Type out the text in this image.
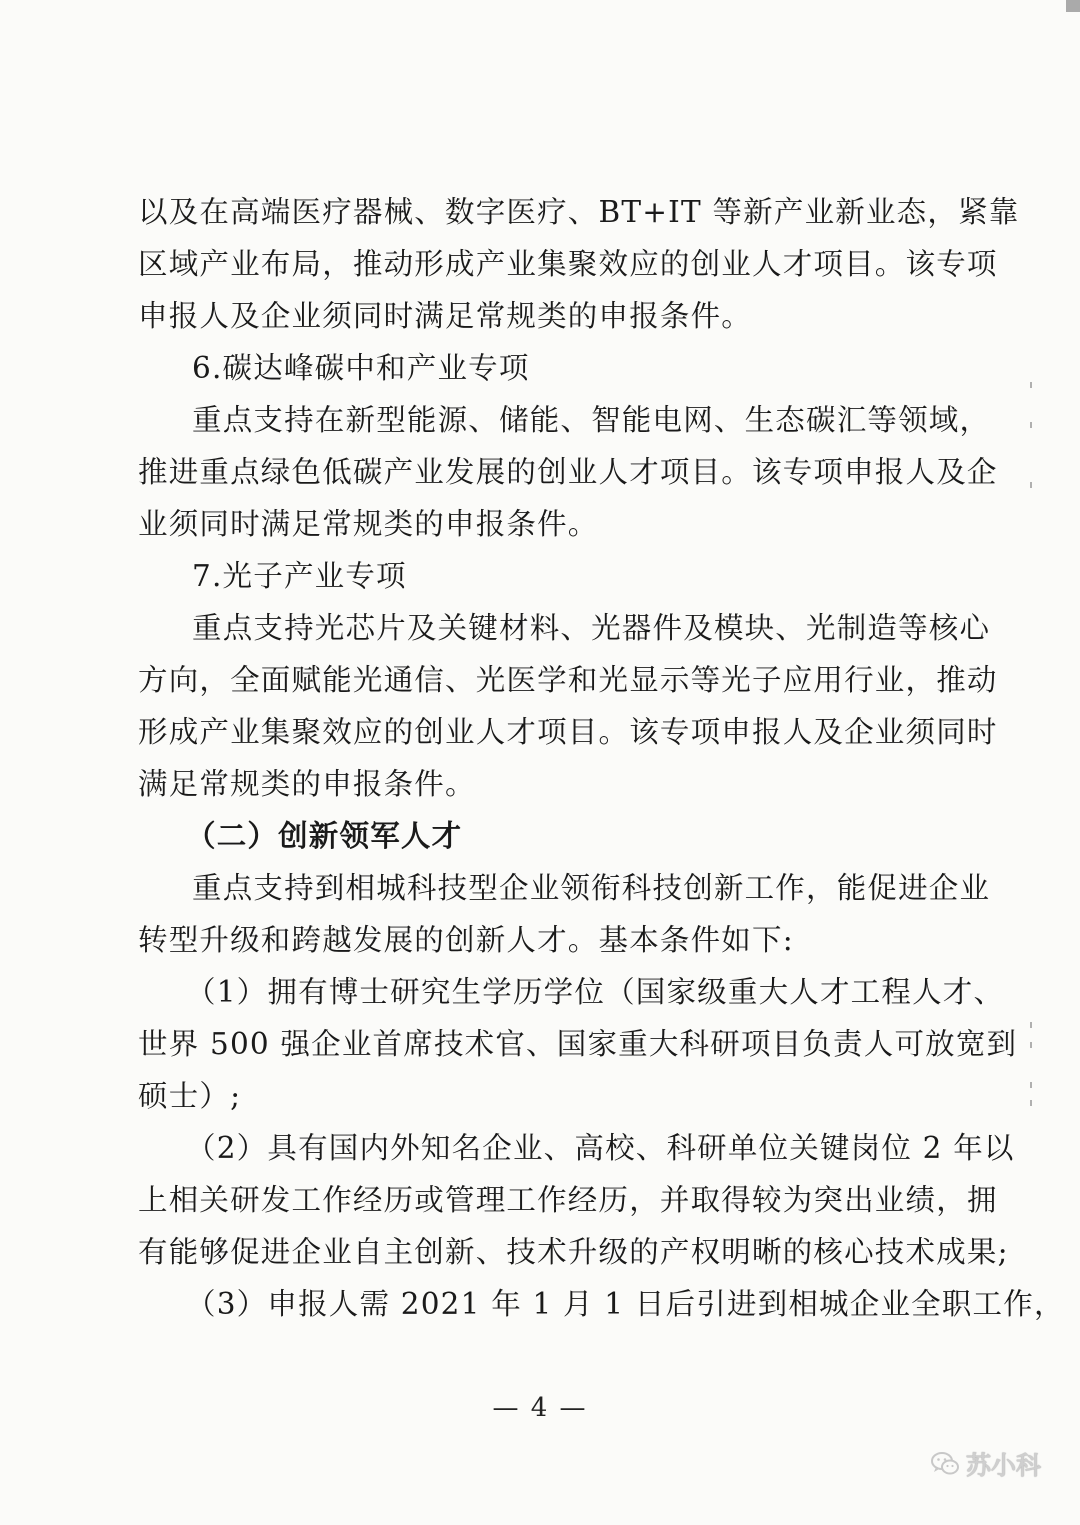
以及在高端医疗器械、数字医疗、BT+IT 等新产业新业态，紧靠
区域产业布局，推动形成产业集聚效应的创业人才项目。该专项
申报人及企业须同时满足常规类的申报条件。
6.碳达峰碳中和产业专项
重点支持在新型能源、储能、智能电网、生态碳汇等领域，
推进重点绿色低碳产业发展的创业人才项目。该专项申报人及企
业须同时满足常规类的申报条件。
7.光子产业专项
重点支持光芯片及关键材料、光器件及模块、光制造等核心
方向，全面赋能光通信、光医学和光显示等光子应用行业，推动
形成产业集聚效应的创业人才项目。该专项申报人及企业须同时
满足常规类的申报条件。
（二）创新领军人才
重点支持到相城科技型企业领衔科技创新工作，能促进企业
转型升级和跨越发展的创新人才。基本条件如下:
（1）拥有博士研究生学历学位（国家级重大人才工程人才、
世界 500 强企业首席技术官、国家重大科研项目负责人可放宽到
硕士）;
（2）具有国内外知名企业、高校、科研单位关键岗位 2 年以
上相关研发工作经历或管理工作经历，并取得较为突出业绩，拥
有能够促进企业自主创新、技术升级的产权明晰的核心技术成果;
（3）申报人需 2021 年 1 月 1 日后引进到相城企业全职工作，
— 4 —
苏小科
